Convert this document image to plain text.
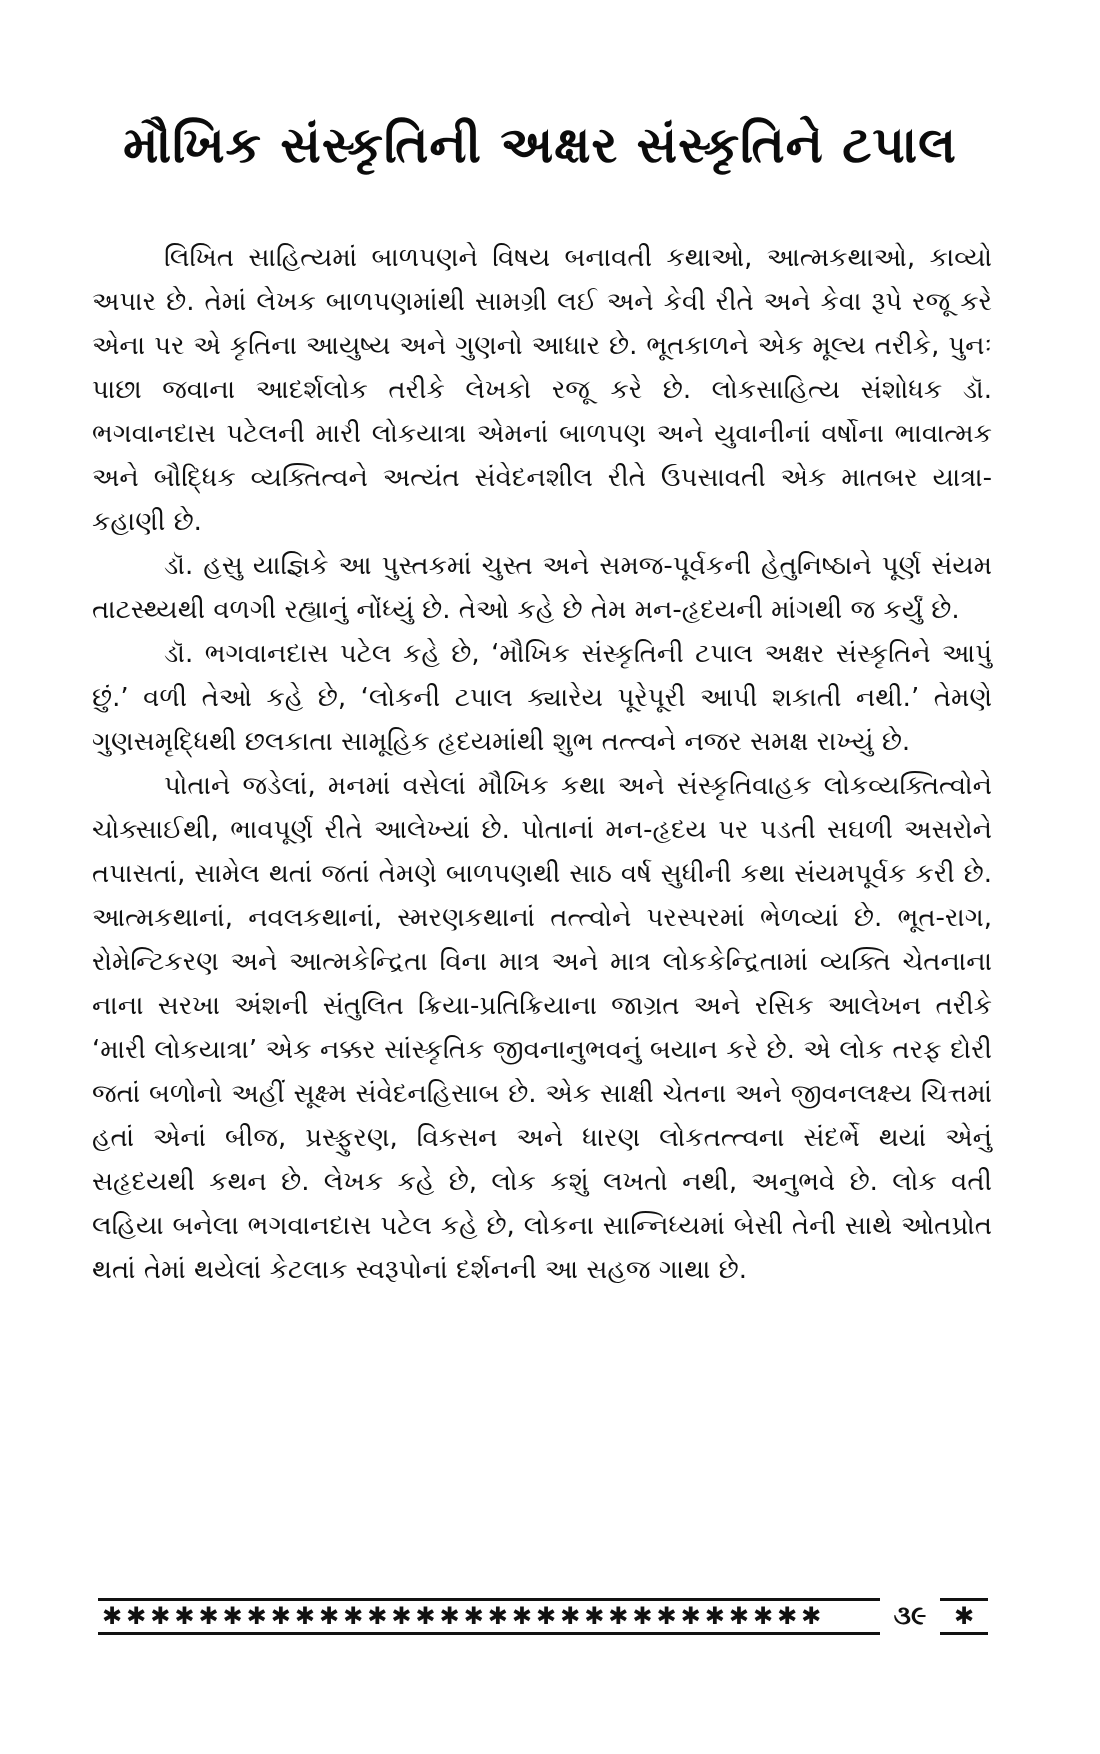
મૌખિક સંસ્કૃતિની અક્ષર સંસ્કૃતિને ટપાલ

લિખિત સાહિત્યમાં બાળપણને વિષય બનાવતી કથાઓ, આત્મકથાઓ, કાવ્યો અપાર છે. તેમાં લેખક બાળપણમાંથી સામગ્રી લઈ અને કેવી રીતે અને કેવા રૂપે રજૂ કરે એના પર એ કૃતિના આયુષ્ય અને ગુણનો આધાર છે. ભૂતકાળને એક મૂલ્ય તરીકે, પુનઃ પાછા જવાના આદર્શલોક તરીકે લેખકો રજૂ કરે છે. લોકસાહિત્ય સંશોધક ડૉ. ભગવાનદાસ પટેલની મારી લોકયાત્રા એમનાં બાળપણ અને યુવાનીનાં વર્ષોના ભાવાત્મક અને બૌદ્ધિક વ્યક્તિત્વને અત્યંત સંવેદનશીલ રીતે ઉપસાવતી એક માતબર યાત્રા-કહાણી છે.

ડૉ. હસુ યાજ્ઞિકે આ પુસ્તકમાં ચુસ્ત અને સમજ-પૂર્વકની હેતુનિષ્ઠાને પૂર્ણ સંયમ તાટસ્થ્યથી વળગી રહ્યાનું નોંધ્યું છે. તેઓ કહે છે તેમ મન-હૃદયની માંગથી જ કર્યું છે.

ડૉ. ભગવાનદાસ પટેલ કહે છે, ‘મૌખિક સંસ્કૃતિની ટપાલ અક્ષર સંસ્કૃતિને આપું છું.’ વળી તેઓ કહે છે, ‘લોકની ટપાલ ક્યારેય પૂરેપૂરી આપી શકાતી નથી.’ તેમણે ગુણસમૃદ્ધિથી છલકાતા સામૂહિક હૃદયમાંથી શુભ તત્ત્વને નજર સમક્ષ રાખ્યું છે.

પોતાને જડેલાં, મનમાં વસેલાં મૌખિક કથા અને સંસ્કૃતિવાહક લોકવ્યક્તિત્વોને ચોક્સાઈથી, ભાવપૂર્ણ રીતે આલેખ્યાં છે. પોતાનાં મન-હૃદય પર પડતી સઘળી અસરોને તપાસતાં, સામેલ થતાં જતાં તેમણે બાળપણથી સાઠ વર્ષ સુધીની કથા સંયમપૂર્વક કરી છે. આત્મકથાનાં, નવલકથાનાં, સ્મરણકથાનાં તત્ત્વોને પરસ્પરમાં ભેળવ્યાં છે. ભૂત-રાગ, રોમેન્ટિકરણ અને આત્મકેન્દ્રિતા વિના માત્ર અને માત્ર લોકકેન્દ્રિતામાં વ્યક્તિ ચેતનાના નાના સરખા અંશની સંતુલિત ક્રિયા-પ્રતિક્રિયાના જાગ્રત અને રસિક આલેખન તરીકે ‘મારી લોકયાત્રા’ એક નક્કર સાંસ્કૃતિક જીવનાનુભવનું બયાન કરે છે. એ લોક તરફ દોરી જતાં બળોનો અહીં સૂક્ષ્મ સંવેદનહિસાબ છે. એક સાક્ષી ચેતના અને જીવનલક્ષ્ય ચિત્તમાં હતાં એનાં બીજ, પ્રસ્ફુરણ, વિકસન અને ધારણ લોકતત્ત્વના સંદર્ભે થયાં એનું સહૃદયથી કથન છે. લેખક કહે છે, લોક કશું લખતો નથી, અનુભવે છે. લોક વતી લહિયા બનેલા ભગવાનદાસ પટેલ કહે છે, લોકના સાન્નિધ્યમાં બેસી તેની સાથે ઓતપ્રોત થતાં તેમાં થયેલાં કેટલાક સ્વરૂપોનાં દર્શનની આ સહજ ગાથા છે.

✱✱✱✱✱✱✱✱✱✱✱✱✱✱✱✱✱✱✱✱✱✱✱✱✱✱✱✱✱✱	૩૯	✱
